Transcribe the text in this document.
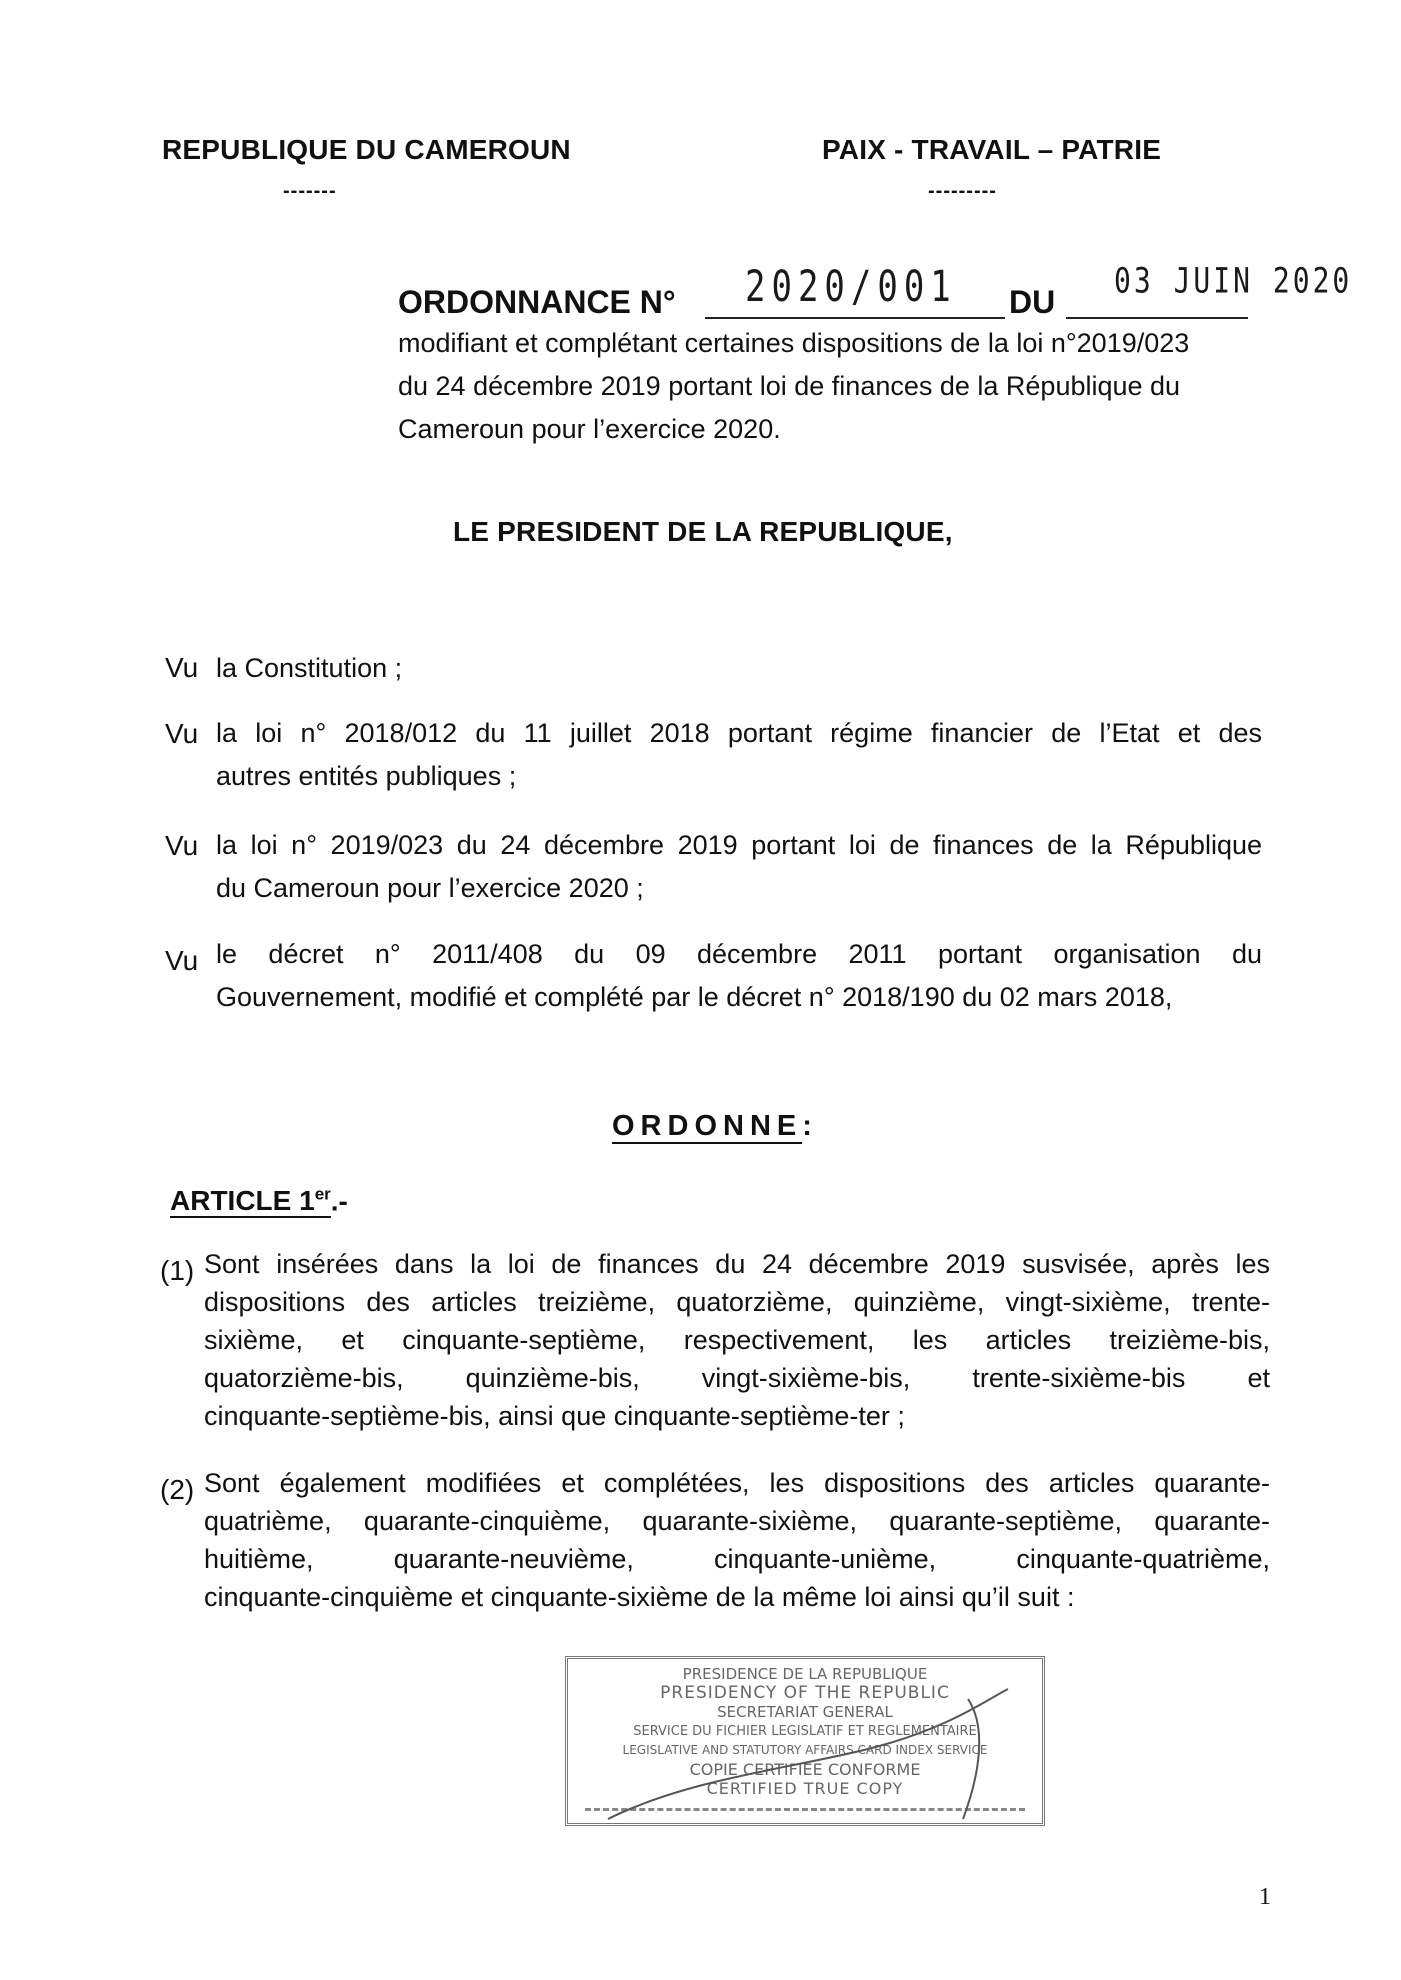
REPUBLIQUE DU CAMEROUN
-------
PAIX - TRAVAIL – PATRIE
---------
ORDONNANCE N° 2020/001 DU
03 JUIN 2020
modifiant et complétant certaines dispositions de la loi n°2019/023
du 24 décembre 2019 portant loi de finances de la République du
Cameroun pour l’exercice 2020.
LE PRESIDENT DE LA REPUBLIQUE,
Vu la Constitution ;
Vu la loi n° 2018/012 du 11 juillet 2018 portant régime financier de l’Etat et des
autres entités publiques ;
Vu la loi n° 2019/023 du 24 décembre 2019 portant loi de finances de la République
du Cameroun pour l’exercice 2020 ;
Vu le décret n° 2011/408 du 09 décembre 2011 portant organisation du
Gouvernement, modifié et complété par le décret n° 2018/190 du 02 mars 2018,
ORDONNE:
ARTICLE 1er.-
(1) Sont insérées dans la loi de finances du 24 décembre 2019 susvisée, après les
dispositions des articles treizième, quatorzième, quinzième, vingt-sixième, trente-
sixième, et cinquante-septième, respectivement, les articles treizième-bis,
quatorzième-bis, quinzième-bis, vingt-sixième-bis, trente-sixième-bis et
cinquante-septième-bis, ainsi que cinquante-septième-ter ;
(2) Sont également modifiées et complétées, les dispositions des articles quarante-
quatrième, quarante-cinquième, quarante-sixième, quarante-septième, quarante-
huitième, quarante-neuvième, cinquante-unième, cinquante-quatrième,
cinquante-cinquième et cinquante-sixième de la même loi ainsi qu’il suit :
PRESIDENCE DE LA REPUBLIQUE
PRESIDENCY OF THE REPUBLIC
SECRETARIAT GENERAL
SERVICE DU FICHIER LEGISLATIF ET REGLEMENTAIRE
LEGISLATIVE AND STATUTORY AFFAIRS CARD INDEX SERVICE
COPIE CERTIFIEE CONFORME
CERTIFIED TRUE COPY
1
